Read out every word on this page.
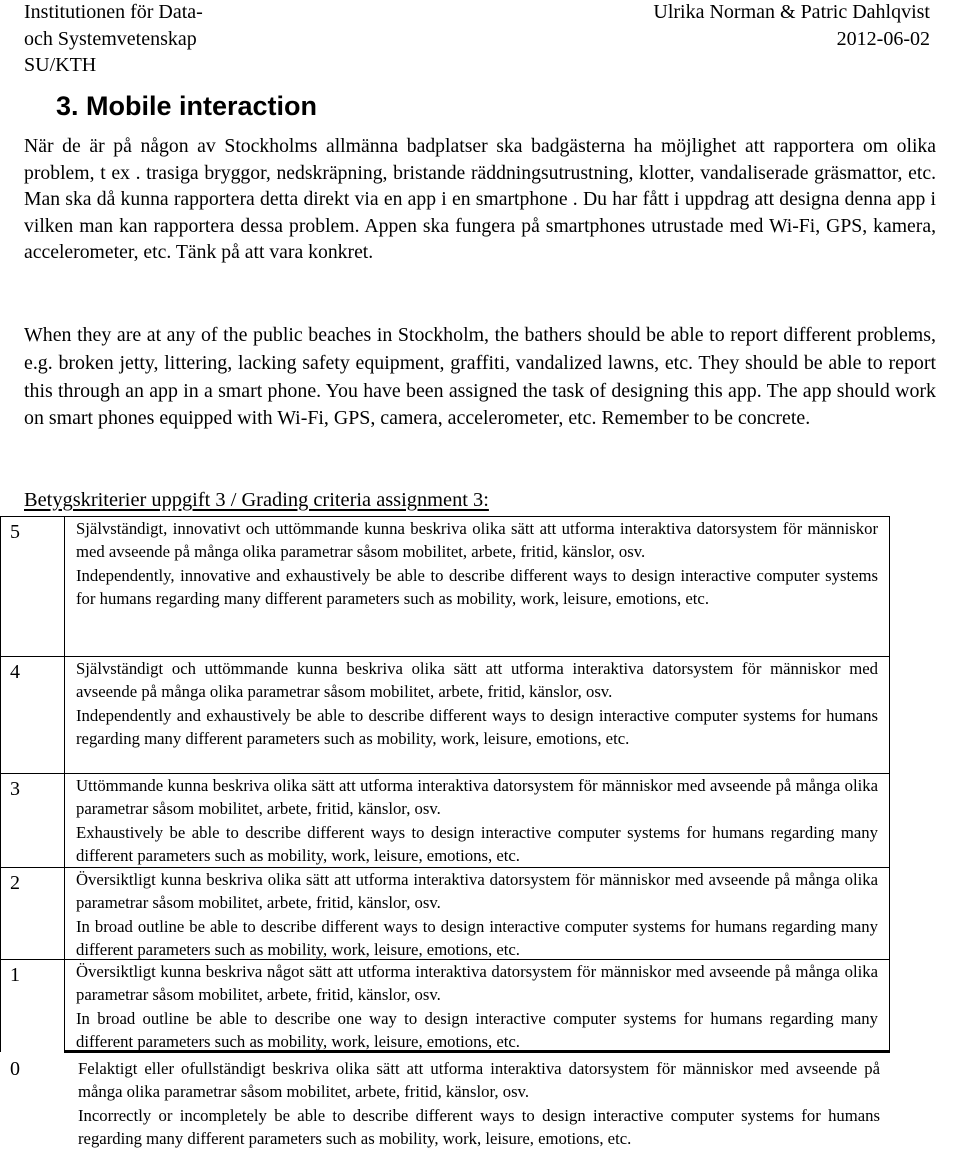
Institutionen för Data-
och Systemvetenskap
SU/KTH
Ulrika Norman & Patric Dahlqvist
2012-06-02
3. Mobile interaction
När de är på någon av Stockholms allmänna badplatser ska badgästerna ha möjlighet att rapportera om olika problem, t ex . trasiga bryggor, nedskräpning, bristande räddningsutrustning, klotter, vandaliserade gräsmattor, etc. Man ska då kunna rapportera detta direkt via en app i en smartphone . Du har fått i uppdrag att designa denna app i vilken man kan rapportera dessa problem. Appen ska fungera på smartphones utrustade med Wi-Fi, GPS, kamera, accelerometer, etc. Tänk på att vara konkret.
When they are at any of the public beaches in Stockholm, the bathers should be able to report different problems, e.g. broken jetty, littering, lacking safety equipment, graffiti, vandalized lawns, etc. They should be able to report this through an app in a smart phone. You have been assigned the task of designing this app. The app should work on smart phones equipped with Wi-Fi, GPS, camera, accelerometer, etc. Remember to be concrete.
Betygskriterier uppgift 3 / Grading criteria assignment 3:
5	Självständigt, innovativt och uttömmande kunna beskriva olika sätt att utforma interaktiva datorsystem för människor med avseende på många olika parametrar såsom mobilitet, arbete, fritid, känslor, osv.

Independently, innovative and exhaustively be able to describe different ways to design interactive computer systems for humans regarding many different parameters such as mobility, work, leisure, emotions, etc.

4	Självständigt och uttömmande kunna beskriva olika sätt att utforma interaktiva datorsystem för människor med avseende på många olika parametrar såsom mobilitet, arbete, fritid, känslor, osv.

Independently and exhaustively be able to describe different ways to design interactive computer systems for humans regarding many different parameters such as mobility, work, leisure, emotions, etc.

3	Uttömmande kunna beskriva olika sätt att utforma interaktiva datorsystem för människor med avseende på många olika parametrar såsom mobilitet, arbete, fritid, känslor, osv.

Exhaustively be able to describe different ways to design interactive computer systems for humans regarding many different parameters such as mobility, work, leisure, emotions, etc.

2	Översiktligt kunna beskriva olika sätt att utforma interaktiva datorsystem för människor med avseende på många olika parametrar såsom mobilitet, arbete, fritid, känslor, osv.

In broad outline be able to describe different ways to design interactive computer systems for humans regarding many different parameters such as mobility, work, leisure, emotions, etc.

1	Översiktligt kunna beskriva något sätt att utforma interaktiva datorsystem för människor med avseende på många olika parametrar såsom mobilitet, arbete, fritid, känslor, osv.

In broad outline be able to describe one way to design interactive computer systems for humans regarding many different parameters such as mobility, work, leisure, emotions, etc.

0	Felaktigt eller ofullständigt beskriva olika sätt att utforma interaktiva datorsystem för människor med avseende på många olika parametrar såsom mobilitet, arbete, fritid, känslor, osv.

Incorrectly or incompletely be able to describe different ways to design interactive computer systems for humans regarding many different parameters such as mobility, work, leisure, emotions, etc.
